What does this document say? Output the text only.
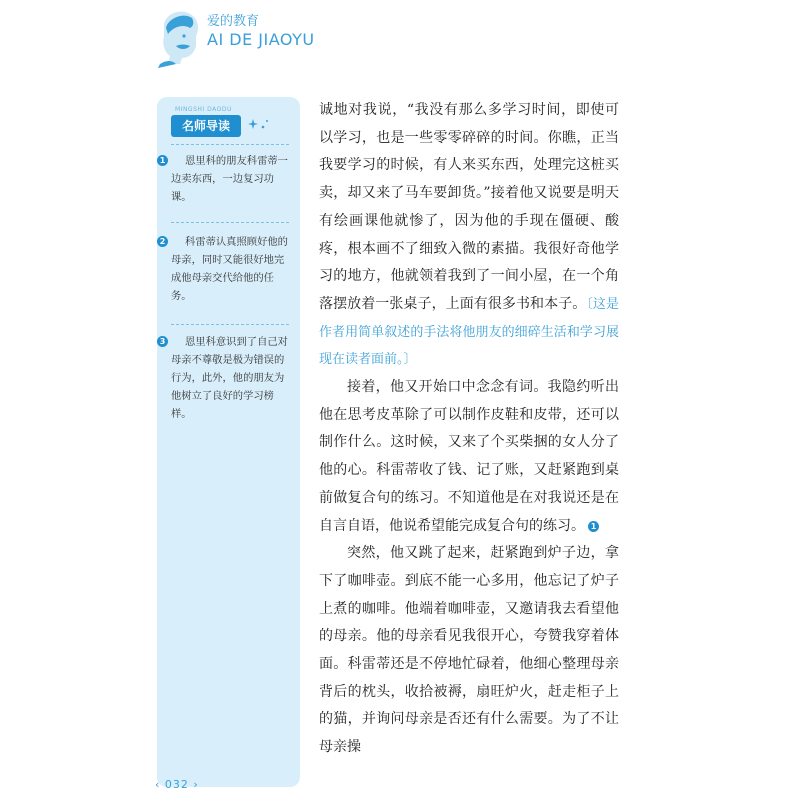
爱的教育
AI DE JIAOYU
MINGSHI DAODU
名师导读
1 恩里科的朋友科雷蒂一边卖东西，一边复习功课。
2 科雷蒂认真照顾好他的母亲，同时又能很好地完成他母亲交代给他的任务。
3 恩里科意识到了自己对母亲不尊敬是极为错误的行为，此外，他的朋友为他树立了良好的学习榜样。

诚地对我说，“我没有那么多学习时间，即使可以学习，也是一些零零碎碎的时间。你瞧，正当我要学习的时候，有人来买东西，处理完这桩买卖，却又来了马车要卸货。”接着他又说要是明天有绘画课他就惨了，因为他的手现在僵硬、酸疼，根本画不了细致入微的素描。我很好奇他学习的地方，他就领着我到了一间小屋，在一个角落摆放着一张桌子，上面有很多书和本子。〔这是作者用简单叙述的手法将他朋友的细碎生活和学习展现在读者面前。〕

接着，他又开始口中念念有词。我隐约听出他在思考皮革除了可以制作皮鞋和皮带，还可以制作什么。这时候，又来了个买柴捆的女人分了他的心。科雷蒂收了钱、记了账，又赶紧跑到桌前做复合句的练习。不知道他是在对我说还是在自言自语，他说希望能完成复合句的练习。 1

突然，他又跳了起来，赶紧跑到炉子边，拿下了咖啡壶。到底不能一心多用，他忘记了炉子上煮的咖啡。他端着咖啡壶，又邀请我去看望他的母亲。他的母亲看见我很开心，夸赞我穿着体面。科雷蒂还是不停地忙碌着，他细心整理母亲背后的枕头，收拾被褥，扇旺炉火，赶走柜子上的猫，并询问母亲是否还有什么需要。为了不让母亲操

‹ 032 ›
